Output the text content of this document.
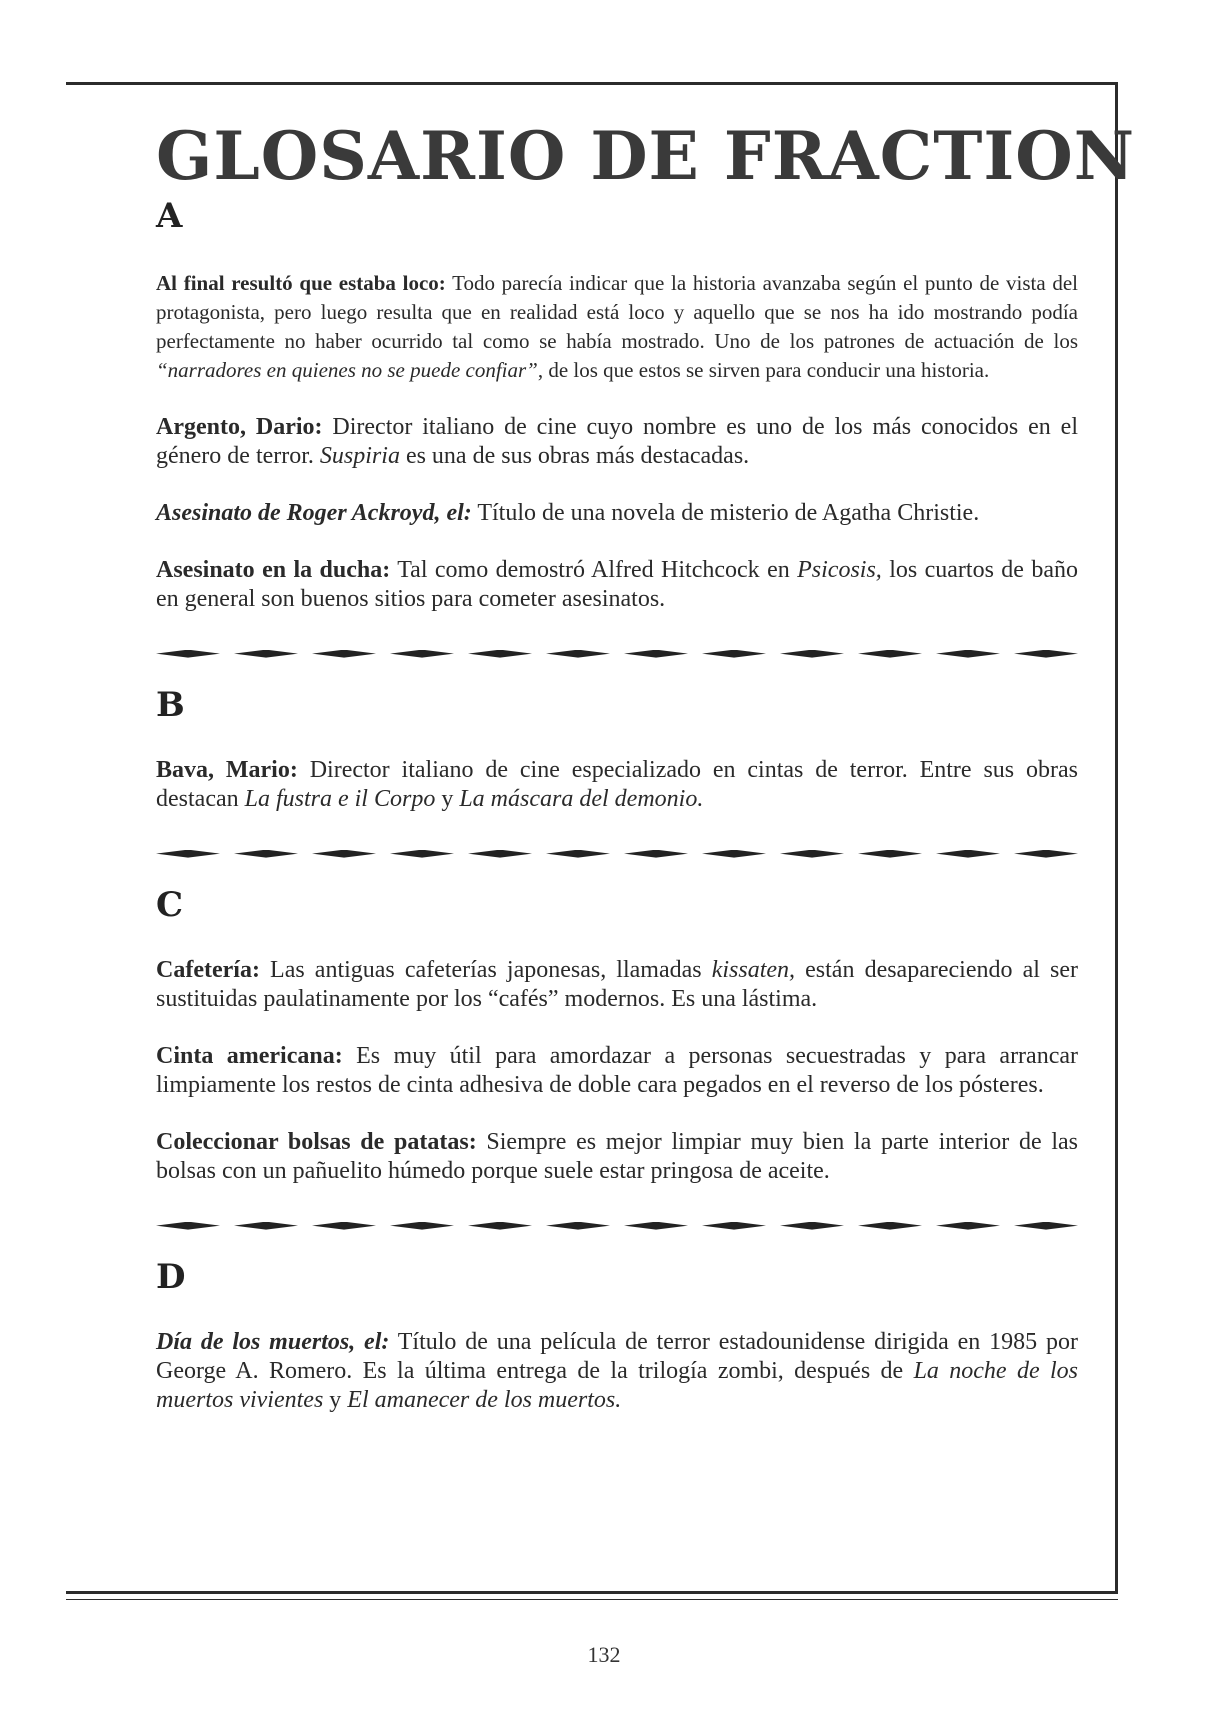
GLOSARIO DE FRACTION
A

Al final resultó que estaba loco: Todo parecía indicar que la historia avanzaba según el punto de vista del protagonista, pero luego resulta que en realidad está loco y aquello que se nos ha ido mostrando podía perfectamente no haber ocurrido tal como se había mostrado. Uno de los patrones de actuación de los “narradores en quienes no se puede confiar”, de los que estos se sirven para conducir una historia.

Argento, Dario: Director italiano de cine cuyo nombre es uno de los más conocidos en el género de terror. Suspiria es una de sus obras más destacadas.

Asesinato de Roger Ackroyd, el: Título de una novela de misterio de Agatha Christie.

Asesinato en la ducha: Tal como demostró Alfred Hitchcock en Psicosis, los cuartos de baño en general son buenos sitios para cometer asesinatos.

B

Bava, Mario: Director italiano de cine especializado en cintas de terror. Entre sus obras destacan La fustra e il Corpo y La máscara del demonio.

C

Cafetería: Las antiguas cafeterías japonesas, llamadas kissaten, están desapareciendo al ser sustituidas paulatinamente por los “cafés” modernos. Es una lástima.

Cinta americana: Es muy útil para amordazar a personas secuestradas y para arrancar limpiamente los restos de cinta adhesiva de doble cara pegados en el reverso de los pósteres.

Coleccionar bolsas de patatas: Siempre es mejor limpiar muy bien la parte interior de las bolsas con un pañuelito húmedo porque suele estar pringosa de aceite.

D

Día de los muertos, el: Título de una película de terror estadounidense dirigida en 1985 por George A. Romero. Es la última entrega de la trilogía zombi, después de La noche de los muertos vivientes y El amanecer de los muertos.

132
